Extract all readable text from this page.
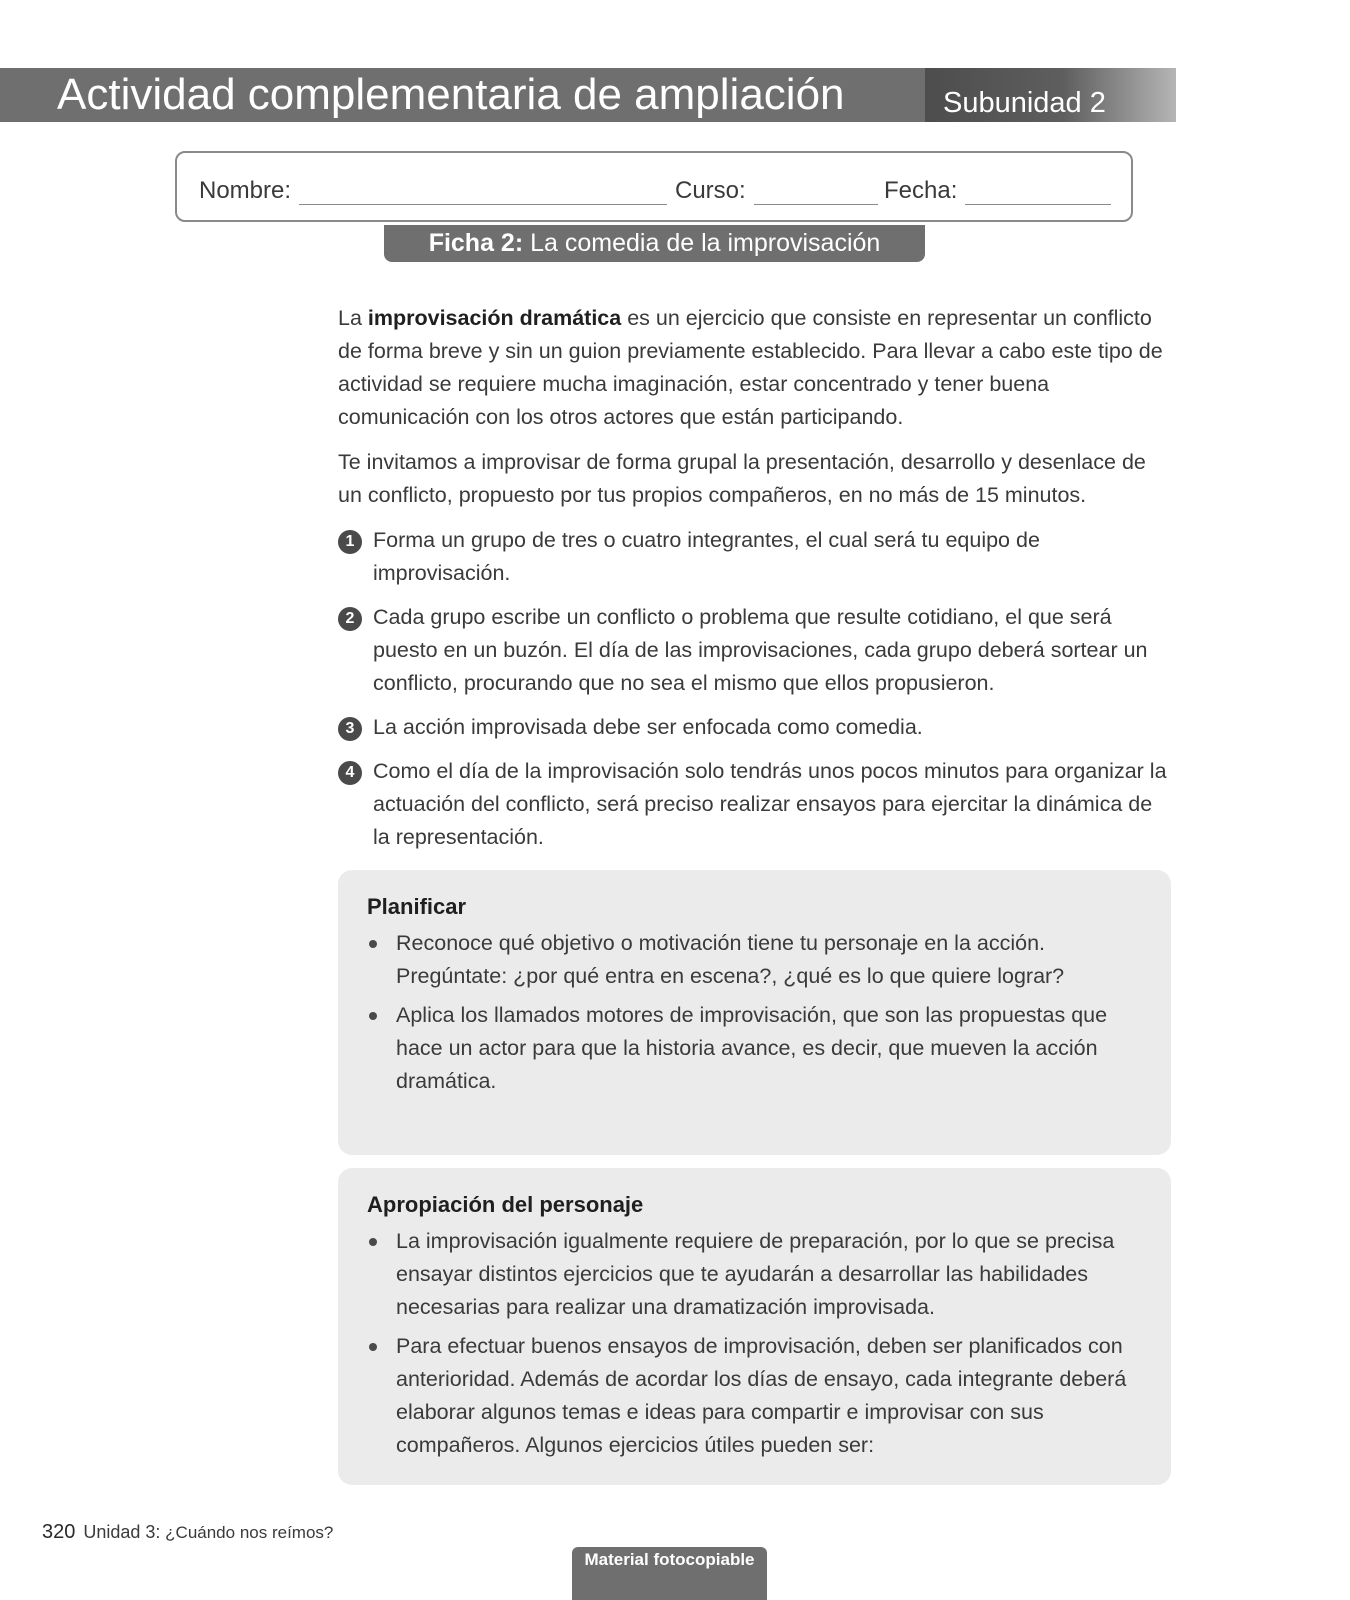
Actividad complementaria de ampliación	Subunidad 2
Nombre:	Curso:	Fecha:
Ficha 2: La comedia de la improvisación

La improvisación dramática es un ejercicio que consiste en representar un conflicto de forma breve y sin un guion previamente establecido. Para llevar a cabo este tipo de actividad se requiere mucha imaginación, estar concentrado y tener buena comunicación con los otros actores que están participando.

Te invitamos a improvisar de forma grupal la presentación, desarrollo y desenlace de un conflicto, propuesto por tus propios compañeros, en no más de 15 minutos.

1 Forma un grupo de tres o cuatro integrantes, el cual será tu equipo de improvisación.
2 Cada grupo escribe un conflicto o problema que resulte cotidiano, el que será puesto en un buzón. El día de las improvisaciones, cada grupo deberá sortear un conflicto, procurando que no sea el mismo que ellos propusieron.
3 La acción improvisada debe ser enfocada como comedia.
4 Como el día de la improvisación solo tendrás unos pocos minutos para organizar la actuación del conflicto, será preciso realizar ensayos para ejercitar la dinámica de la representación.
Planificar
Reconoce qué objetivo o motivación tiene tu personaje en la acción. Pregúntate: ¿por qué entra en escena?, ¿qué es lo que quiere lograr?
Aplica los llamados motores de improvisación, que son las propuestas que hace un actor para que la historia avance, es decir, que mueven la acción dramática.
Apropiación del personaje
La improvisación igualmente requiere de preparación, por lo que se precisa ensayar distintos ejercicios que te ayudarán a desarrollar las habilidades necesarias para realizar una dramatización improvisada.
Para efectuar buenos ensayos de improvisación, deben ser planificados con anterioridad. Además de acordar los días de ensayo, cada integrante deberá elaborar algunos temas e ideas para compartir e improvisar con sus compañeros. Algunos ejercicios útiles pueden ser:
320 Unidad 3: ¿Cuándo nos reímos?
Material fotocopiable
